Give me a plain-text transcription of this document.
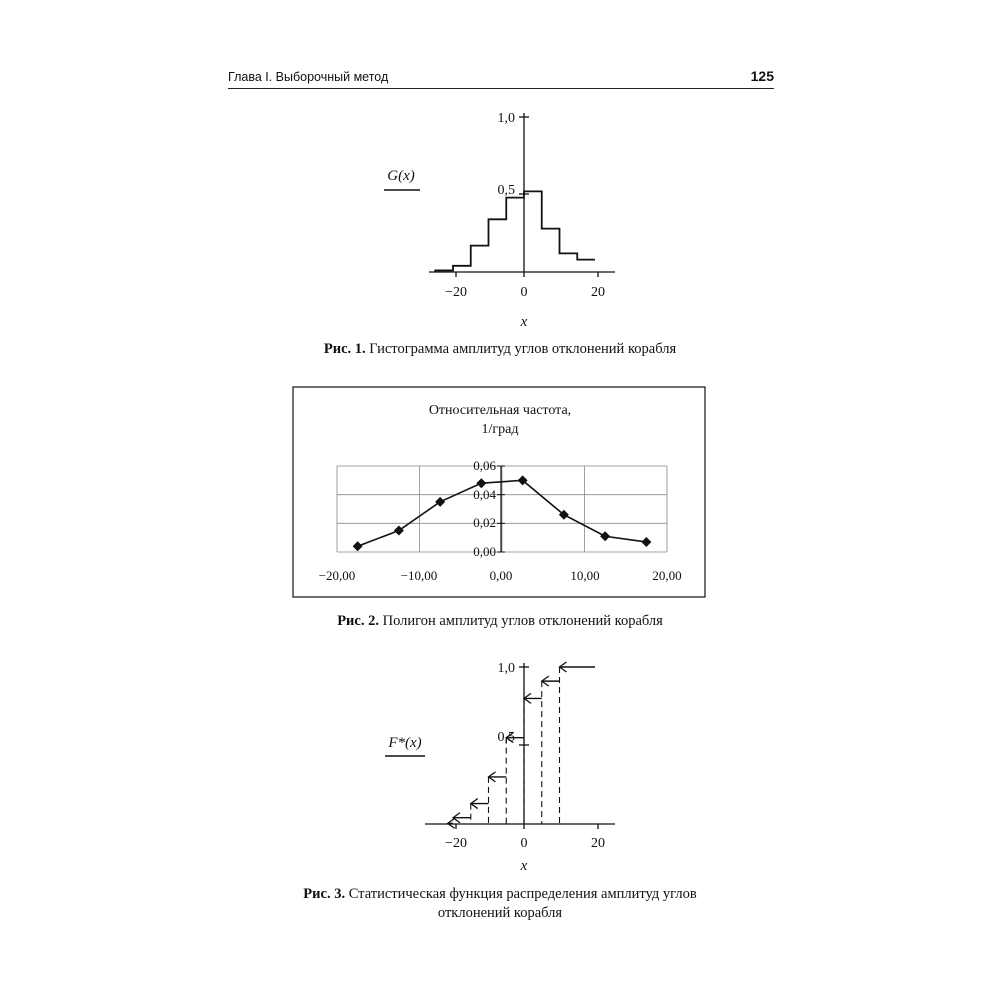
Глава I. Выборочный метод	125
1,0
0,5
−20	0	20
x
G(x)
Рис. 1. Гистограмма амплитуд углов отклонений корабля
Относительная частота,
1/град
0,06
0,04
0,02
0,00
−20,00	−10,00	0,00	10,00	20,00
Рис. 2. Полигон амплитуд углов отклонений корабля
1,0
0,5
−20	0	20
x
F*(x)
Рис. 3. Статистическая функция распределения амплитуд углов
отклонений корабля
